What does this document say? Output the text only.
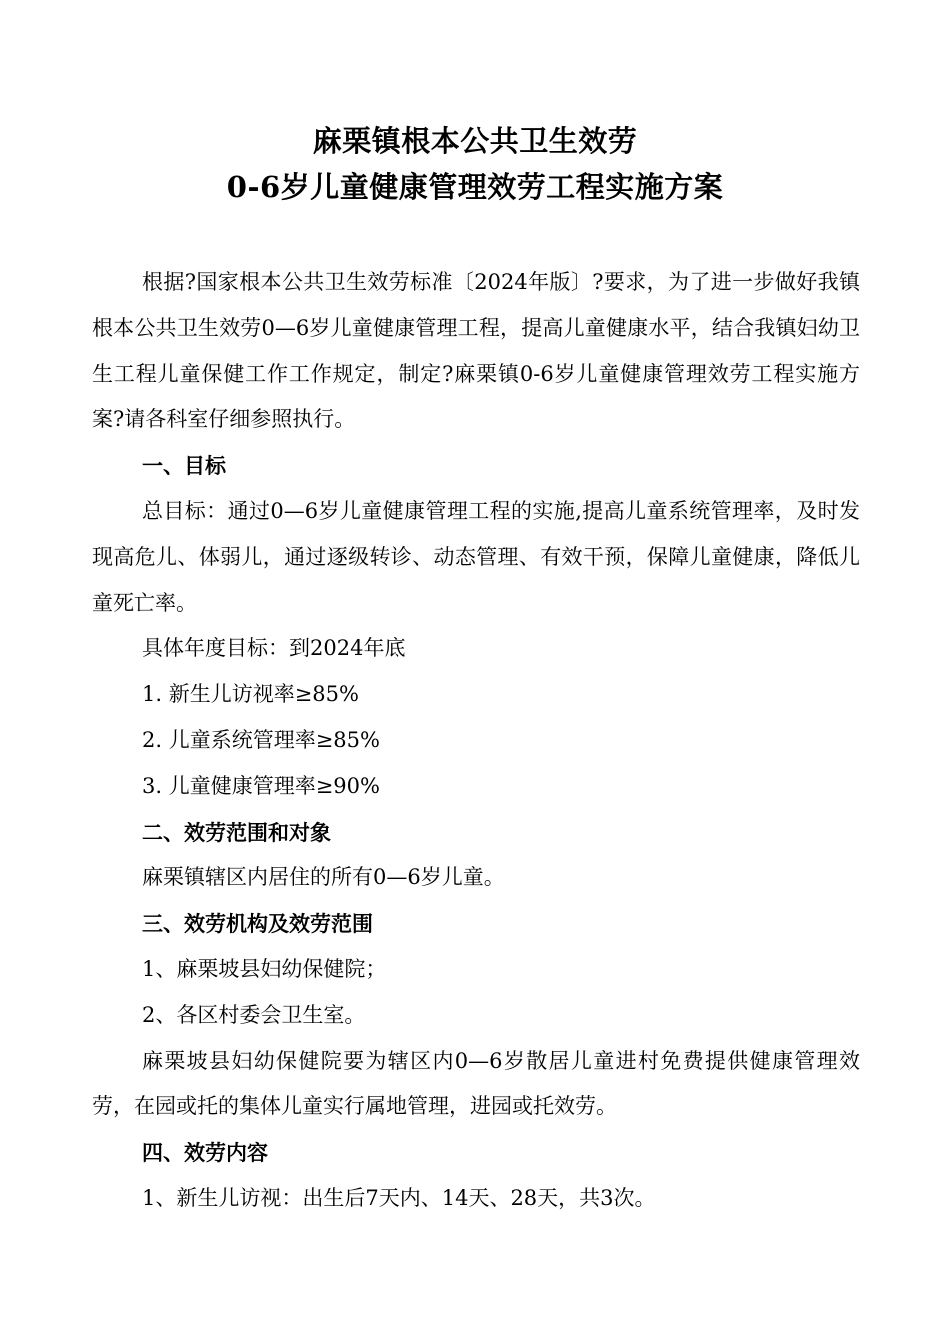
麻栗镇根本公共卫生效劳
0-6岁儿童健康管理效劳工程实施方案

根据?国家根本公共卫生效劳标准〔2024年版〕?要求，为了进一步做好我镇根本公共卫生效劳0—6岁儿童健康管理工程，提高儿童健康水平，结合我镇妇幼卫生工程儿童保健工作工作规定，制定?麻栗镇0-6岁儿童健康管理效劳工程实施方案?请各科室仔细参照执行。

一、目标

总目标：通过0—6岁儿童健康管理工程的实施,提高儿童系统管理率，及时发现高危儿、体弱儿，通过逐级转诊、动态管理、有效干预，保障儿童健康，降低儿童死亡率。

具体年度目标：到2024年底

1. 新生儿访视率≥85%

2. 儿童系统管理率≥85%

3. 儿童健康管理率≥90%

二、效劳范围和对象

麻栗镇辖区内居住的所有0—6岁儿童。

三、效劳机构及效劳范围

1、麻栗坡县妇幼保健院；

2、各区村委会卫生室。

麻栗坡县妇幼保健院要为辖区内0—6岁散居儿童进村免费提供健康管理效劳，在园或托的集体儿童实行属地管理，进园或托效劳。

四、效劳内容

1、新生儿访视：出生后7天内、14天、28天，共3次。
